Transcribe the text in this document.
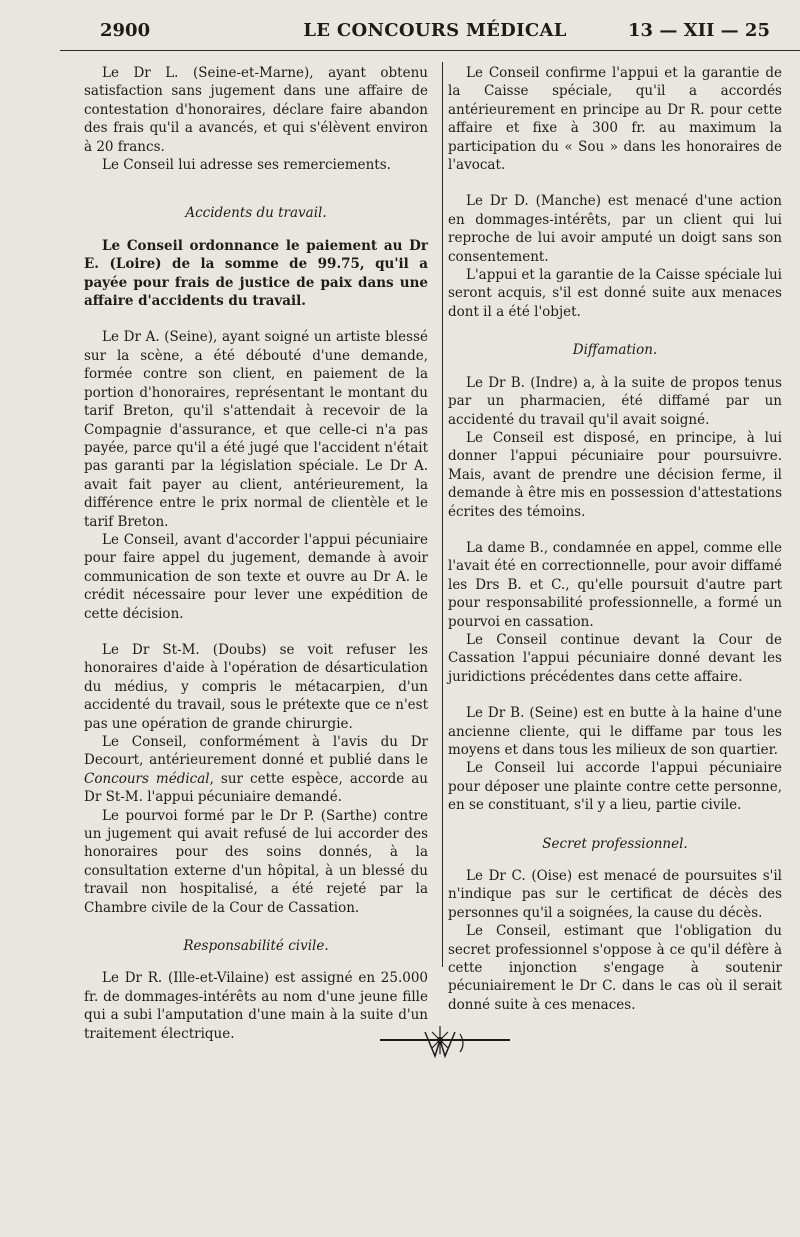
2900	LE CONCOURS MÉDICAL	13 — XII — 25

Le Dr L. (Seine-et-Marne), ayant obtenu satisfaction sans jugement dans une affaire de contestation d'honoraires, déclare faire abandon des frais qu'il a avancés, et qui s'élèvent environ à 20 francs.

Le Conseil lui adresse ses remerciements.

Accidents du travail.

Le Conseil ordonnance le paiement au Dr E. (Loire) de la somme de 99.75, qu'il a payée pour frais de justice de paix dans une affaire d'accidents du travail.

Le Dr A. (Seine), ayant soigné un artiste blessé sur la scène, a été débouté d'une demande, formée contre son client, en paiement de la portion d'honoraires, représentant le montant du tarif Breton, qu'il s'attendait à recevoir de la Compagnie d'assurance, et que celle-ci n'a pas payée, parce qu'il a été jugé que l'accident n'était pas garanti par la législation spéciale. Le Dr A. avait fait payer au client, antérieurement, la différence entre le prix normal de clientèle et le tarif Breton.

Le Conseil, avant d'accorder l'appui pécuniaire pour faire appel du jugement, demande à avoir communication de son texte et ouvre au Dr A. le crédit nécessaire pour lever une expédition de cette décision.

Le Dr St-M. (Doubs) se voit refuser les honoraires d'aide à l'opération de désarticulation du médius, y compris le métacarpien, d'un accidenté du travail, sous le prétexte que ce n'est pas une opération de grande chirurgie.

Le Conseil, conformément à l'avis du Dr Decourt, antérieurement donné et publié dans le Concours médical, sur cette espèce, accorde au Dr St-M. l'appui pécuniaire demandé.

Le pourvoi formé par le Dr P. (Sarthe) contre un jugement qui avait refusé de lui accorder des honoraires pour des soins donnés, à la consultation externe d'un hôpital, à un blessé du travail non hospitalisé, a été rejeté par la Chambre civile de la Cour de Cassation.

Responsabilité civile.

Le Dr R. (Ille-et-Vilaine) est assigné en 25.000 fr. de dommages-intérêts au nom d'une jeune fille qui a subi l'amputation d'une main à la suite d'un traitement électrique.

Le Conseil confirme l'appui et la garantie de la Caisse spéciale, qu'il a accordés antérieurement en principe au Dr R. pour cette affaire et fixe à 300 fr. au maximum la participation du « Sou » dans les honoraires de l'avocat.

Le Dr D. (Manche) est menacé d'une action en dommages-intérêts, par un client qui lui reproche de lui avoir amputé un doigt sans son consentement.

L'appui et la garantie de la Caisse spéciale lui seront acquis, s'il est donné suite aux menaces dont il a été l'objet.

Diffamation.

Le Dr B. (Indre) a, à la suite de propos tenus par un pharmacien, été diffamé par un accidenté du travail qu'il avait soigné.

Le Conseil est disposé, en principe, à lui donner l'appui pécuniaire pour poursuivre. Mais, avant de prendre une décision ferme, il demande à être mis en possession d'attestations écrites des témoins.

La dame B., condamnée en appel, comme elle l'avait été en correctionnelle, pour avoir diffamé les Drs B. et C., qu'elle poursuit d'autre part pour responsabilité professionnelle, a formé un pourvoi en cassation.

Le Conseil continue devant la Cour de Cassation l'appui pécuniaire donné devant les juridictions précédentes dans cette affaire.

Le Dr B. (Seine) est en butte à la haine d'une ancienne cliente, qui le diffame par tous les moyens et dans tous les milieux de son quartier.

Le Conseil lui accorde l'appui pécuniaire pour déposer une plainte contre cette personne, en se constituant, s'il y a lieu, partie civile.

Secret professionnel.

Le Dr C. (Oise) est menacé de poursuites s'il n'indique pas sur le certificat de décès des personnes qu'il a soignées, la cause du décès.

Le Conseil, estimant que l'obligation du secret professionnel s'oppose à ce qu'il défère à cette injonction s'engage à soutenir pécuniairement le Dr C. dans le cas où il serait donné suite à ces menaces.
